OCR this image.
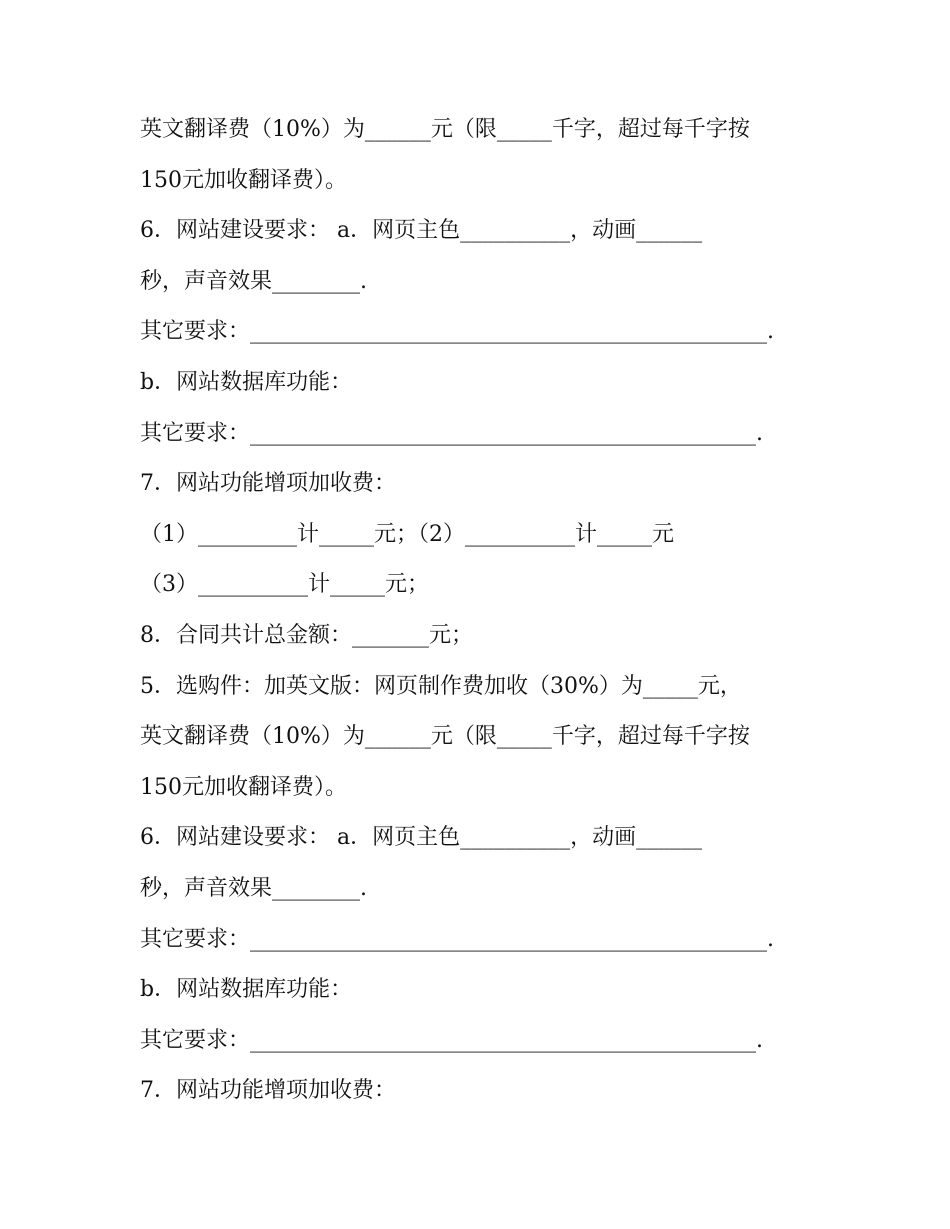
英文翻译费（10%）为______元（限_____千字，超过每千字按
150元加收翻译费）。
6．网站建设要求： a．网页主色__________，动画______
秒，声音效果________.
其它要求：_______________________________________________.
b．网站数据库功能：
其它要求：______________________________________________.
7．网站功能增项加收费：
（1）_________计_____元；（2）__________计_____元
（3）__________计_____元；
8．合同共计总金额：_______元；
5．选购件：加英文版：网页制作费加收（30%）为_____元，
英文翻译费（10%）为______元（限_____千字，超过每千字按
150元加收翻译费）。
6．网站建设要求： a．网页主色__________，动画______
秒，声音效果________.
其它要求：_______________________________________________.
b．网站数据库功能：
其它要求：______________________________________________.
7．网站功能增项加收费：
